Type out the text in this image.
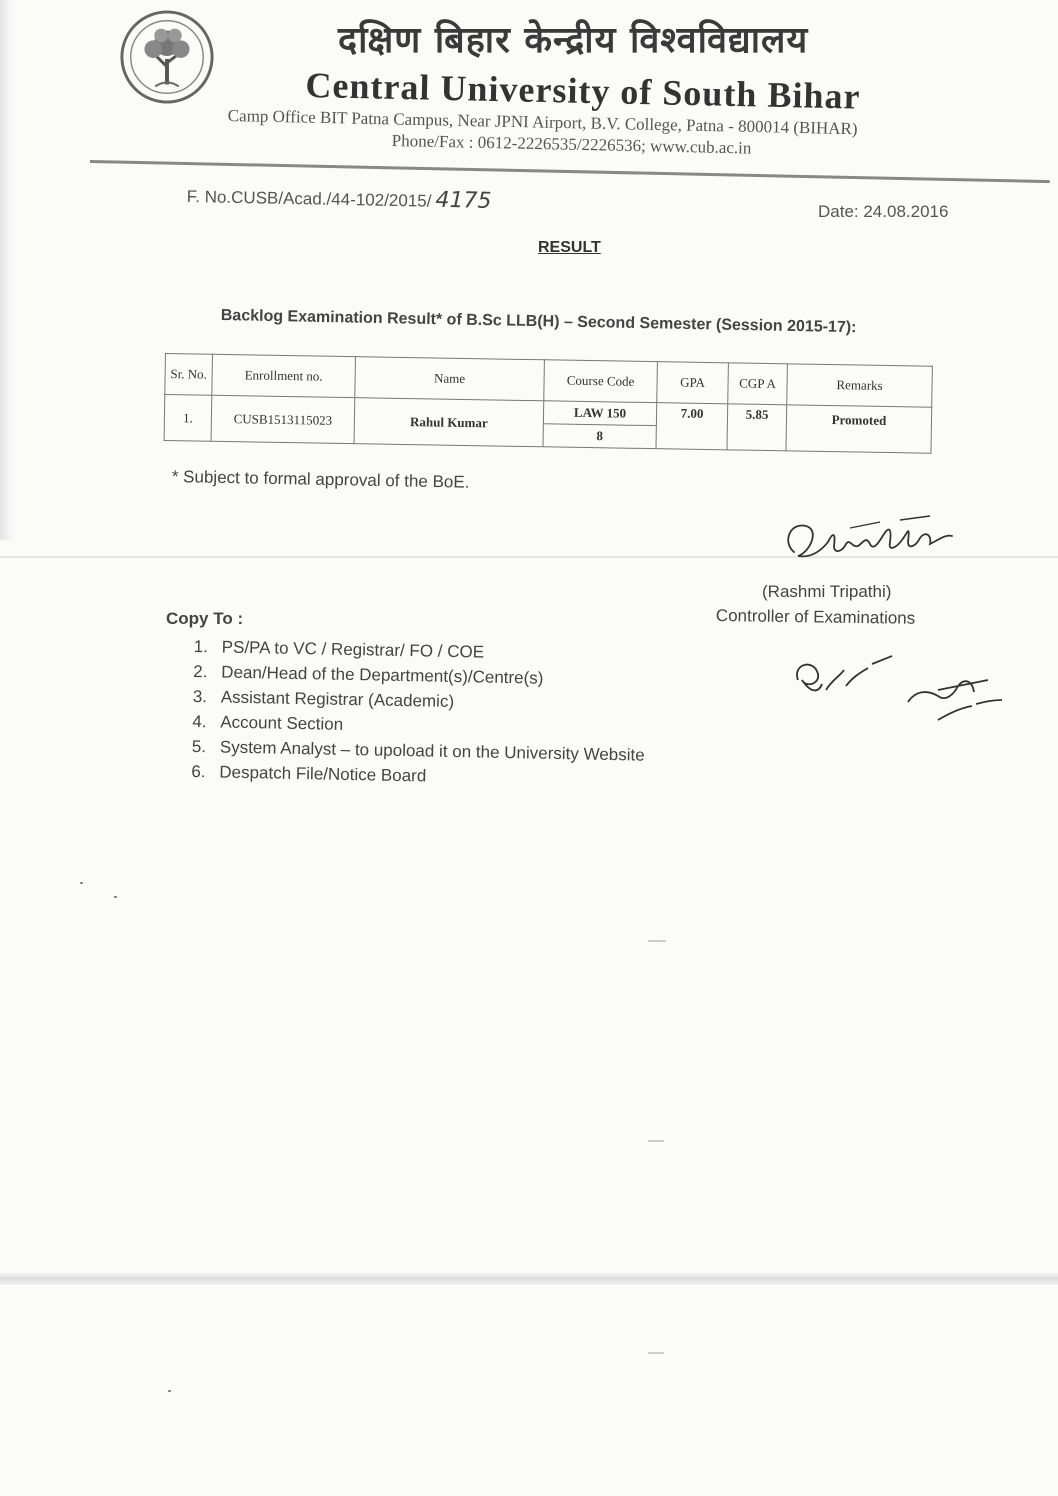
दक्षिण बिहार केन्द्रीय विश्वविद्यालय
Central University of South Bihar
Camp Office BIT Patna Campus, Near JPNI Airport, B.V. College, Patna - 800014 (BIHAR)
Phone/Fax : 0612-2226535/2226536; www.cub.ac.in
F. No.CUSB/Acad./44-102/2015/ 4175	Date: 24.08.2016
RESULT
Backlog Examination Result* of B.Sc LLB(H) – Second Semester (Session 2015-17):
Sr. No.	Enrollment no.	Name	Course Code	GPA	CGP A	Remarks
1.	CUSB1513115023	Rahul Kumar	LAW 150	7.00	5.85	Promoted
			8			
* Subject to formal approval of the BoE.
(Rashmi Tripathi)
Controller of Examinations
Copy To :
1. PS/PA to VC / Registrar/ FO / COE
2. Dean/Head of the Department(s)/Centre(s)
3. Assistant Registrar (Academic)
4. Account Section
5. System Analyst – to upoload it on the University Website
6. Despatch File/Notice Board
